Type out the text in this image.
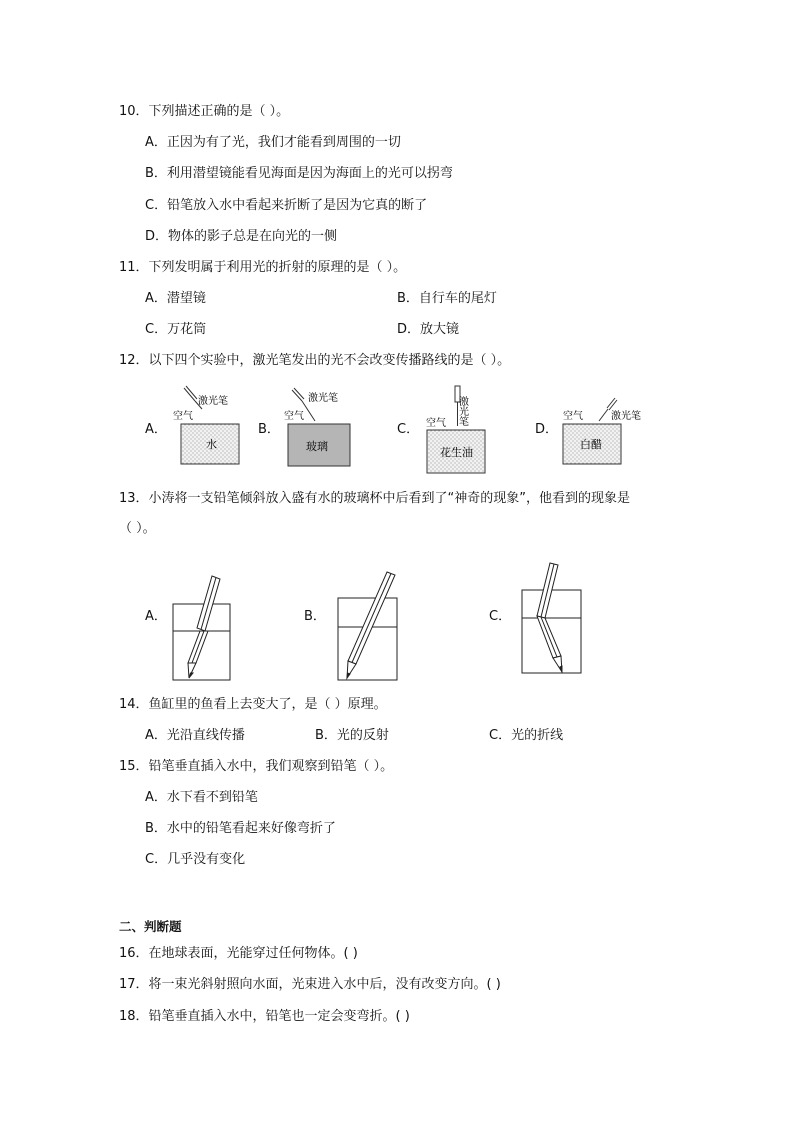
10．下列描述正确的是（ ）。
A．正因为有了光，我们才能看到周围的一切
B．利用潜望镜能看见海面是因为海面上的光可以拐弯
C．铅笔放入水中看起来折断了是因为它真的断了
D．物体的影子总是在向光的一侧
11．下列发明属于利用光的折射的原理的是（ ）。
A．潜望镜	B．自行车的尾灯
C．万花筒	D．放大镜
12．以下四个实验中，激光笔发出的光不会改变传播路线的是（ ）。
A．	B．	C．	D．
激光笔
空气
水
激光笔
空气
玻璃
激光笔
空气
花生油
激光笔
空气
白醋
13．小涛将一支铅笔倾斜放入盛有水的玻璃杯中后看到了“神奇的现象”，他看到的现象是
（ ）。
A．	B．	C．
14．鱼缸里的鱼看上去变大了，是（ ）原理。
A．光沿直线传播	B．光的反射	C．光的折线
15．铅笔垂直插入水中，我们观察到铅笔（ ）。
A．水下看不到铅笔
B．水中的铅笔看起来好像弯折了
C．几乎没有变化
二、判断题
16．在地球表面，光能穿过任何物体。( )
17．将一束光斜射照向水面，光束进入水中后，没有改变方向。( )
18．铅笔垂直插入水中，铅笔也一定会变弯折。( )
